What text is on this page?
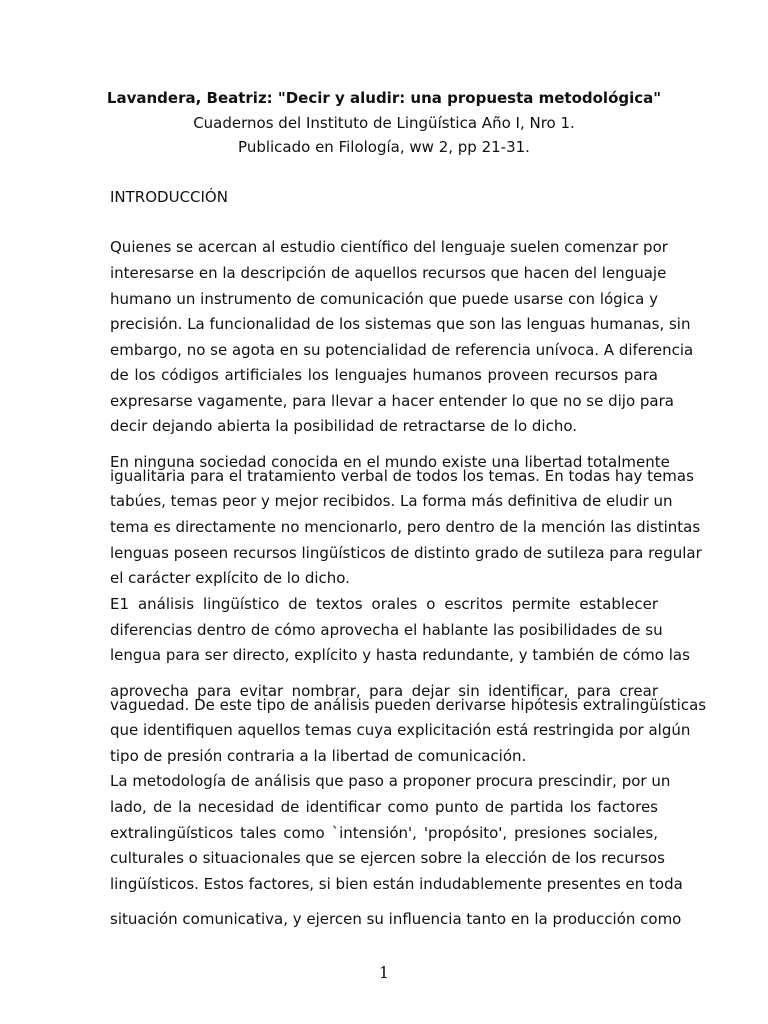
Lavandera, Beatriz: "Decir y aludir: una propuesta metodológica"
Cuadernos del Instituto de Lingüística Año I, Nro 1.
Publicado en Filología, ww 2, pp 21-31.
INTRODUCCIÓN
Quienes se acercan al estudio científico del lenguaje suelen comenzar por
interesarse en la descripción de aquellos recursos que hacen del lenguaje
humano un instrumento de comunicación que puede usarse con lógica y
precisión. La funcionalidad de los sistemas que son las lenguas humanas, sin
embargo, no se agota en su potencialidad de referencia unívoca. A diferencia
de los códigos artificiales los lenguajes humanos proveen recursos para
expresarse vagamente, para llevar a hacer entender lo que no se dijo para
decir dejando abierta la posibilidad de retractarse de lo dicho.
En ninguna sociedad conocida en el mundo existe una libertad totalmente
igualitaria para el tratamiento verbal de todos los temas. En todas hay temas
tabúes, temas peor y mejor recibidos. La forma más definitiva de eludir un
tema es directamente no mencionarlo, pero dentro de la mención las distintas
lenguas poseen recursos lingüísticos de distinto grado de sutileza para regular
el carácter explícito de lo dicho.
E1 análisis lingüístico de textos orales o escritos permite establecer
diferencias dentro de cómo aprovecha el hablante las posibilidades de su
lengua para ser directo, explícito y hasta redundante, y también de cómo las
aprovecha para evitar nombrar, para dejar sin identificar, para crear
vaguedad. De este tipo de análisis pueden derivarse hipótesis extralingüísticas
que identifiquen aquellos temas cuya explicitación está restringida por algún
tipo de presión contraria a la libertad de comunicación.
La metodología de análisis que paso a proponer procura prescindir, por un
lado, de la necesidad de identificar como punto de partida los factores
extralingüísticos tales como `intensión', 'propósito', presiones sociales,
culturales o situacionales que se ejercen sobre la elección de los recursos
lingüísticos. Estos factores, si bien están indudablemente presentes en toda
situación comunicativa, y ejercen su influencia tanto en la producción como
1
